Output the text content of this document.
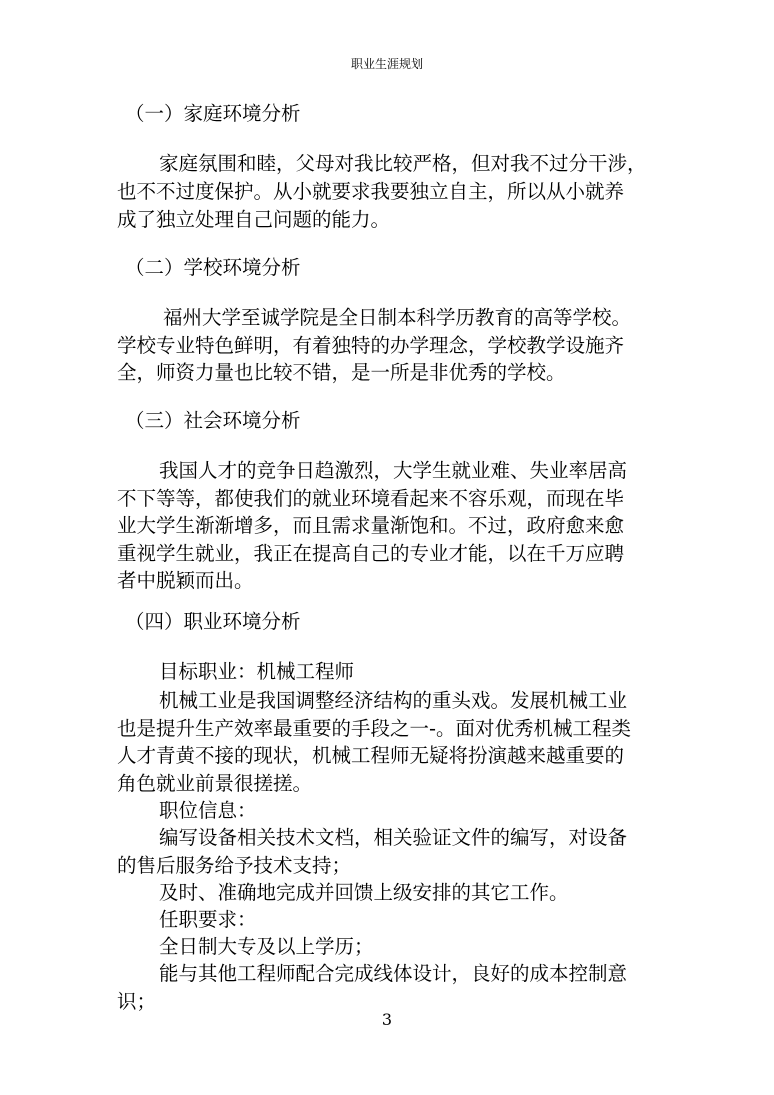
职业生涯规划

（一）家庭环境分析

家庭氛围和睦，父母对我比较严格，但对我不过分干涉，

也不不过度保护。从小就要求我要独立自主，所以从小就养

成了独立处理自己问题的能力。

（二）学校环境分析

福州大学至诚学院是全日制本科学历教育的高等学校。

学校专业特色鲜明，有着独特的办学理念，学校教学设施齐

全，师资力量也比较不错，是一所是非优秀的学校。

（三）社会环境分析

我国人才的竞争日趋激烈，大学生就业难、失业率居高

不下等等，都使我们的就业环境看起来不容乐观，而现在毕

业大学生渐渐增多，而且需求量渐饱和。不过，政府愈来愈

重视学生就业，我正在提高自己的专业才能，以在千万应聘

者中脱颖而出。

（四）职业环境分析

目标职业：机械工程师

机械工业是我国调整经济结构的重头戏。发展机械工业

也是提升生产效率最重要的手段之一-。面对优秀机械工程类

人才青黄不接的现状，机械工程师无疑将扮演越来越重要的

角色就业前景很搓搓。

职位信息：

编写设备相关技术文档，相关验证文件的编写，对设备

的售后服务给予技术支持；

及时、准确地完成并回馈上级安排的其它工作。

任职要求：

全日制大专及以上学历；

能与其他工程师配合完成线体设计，良好的成本控制意

识；

3
